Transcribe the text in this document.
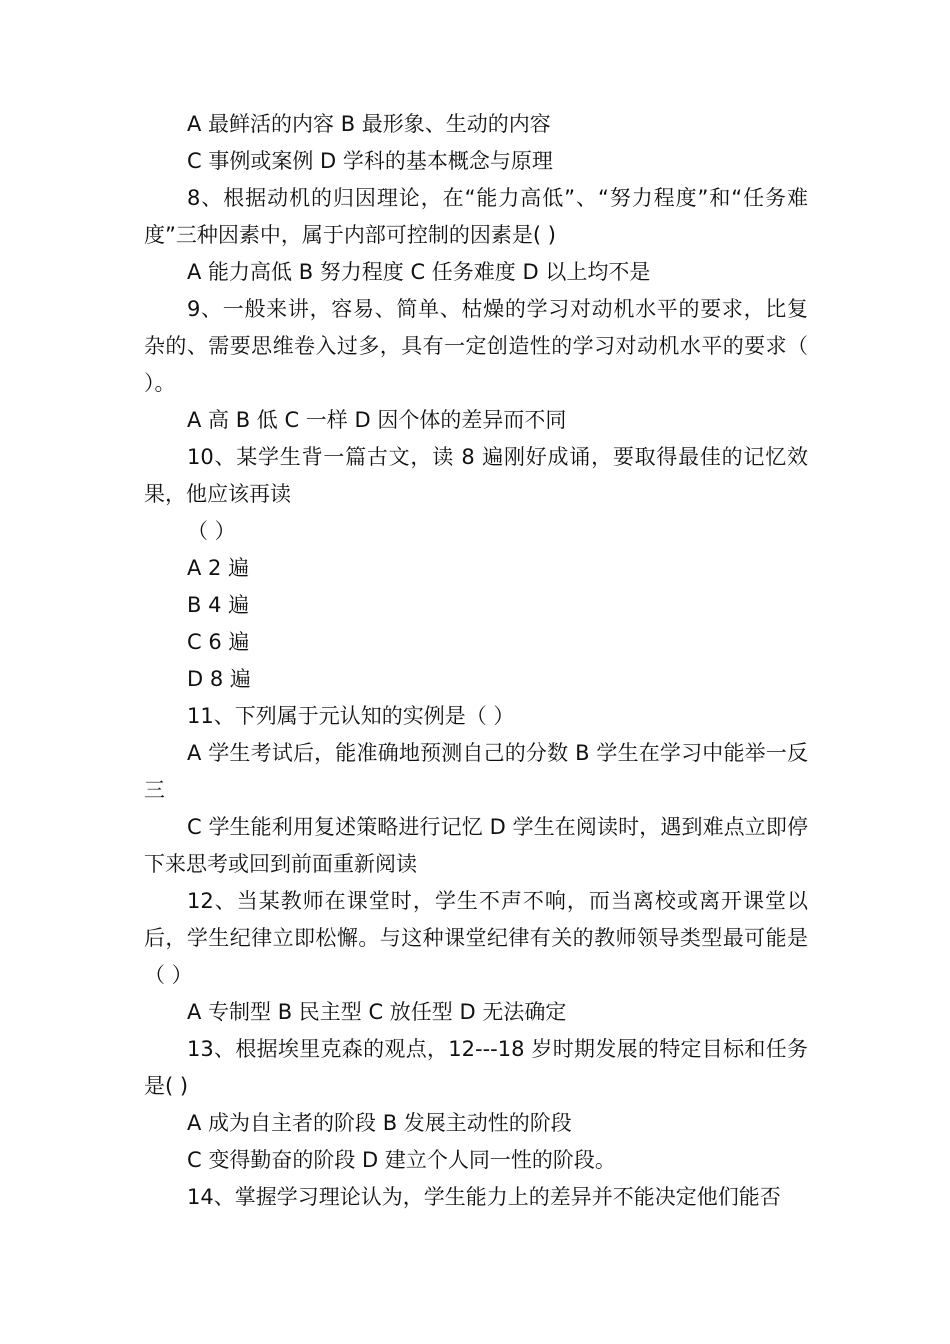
A 最鲜活的内容 B 最形象、生动的内容

C 事例或案例 D 学科的基本概念与原理

8、根据动机的归因理论，在“能力高低”、“努力程度”和“任务难度”三种因素中，属于内部可控制的因素是( )

A 能力高低 B 努力程度 C 任务难度 D 以上均不是

9、一般来讲，容易、简单、枯燥的学习对动机水平的要求，比复杂的、需要思维卷入过多，具有一定创造性的学习对动机水平的要求（ ）。

A 高 B 低 C 一样 D 因个体的差异而不同

10、某学生背一篇古文，读 8 遍刚好成诵，要取得最佳的记忆效果，他应该再读

（ ）

A 2 遍

B 4 遍

C 6 遍

D 8 遍

11、下列属于元认知的实例是（ ）

A 学生考试后，能准确地预测自己的分数 B 学生在学习中能举一反三

C 学生能利用复述策略进行记忆 D 学生在阅读时，遇到难点立即停下来思考或回到前面重新阅读

12、当某教师在课堂时，学生不声不响，而当离校或离开课堂以后，学生纪律立即松懈。与这种课堂纪律有关的教师领导类型最可能是（ ）

A 专制型 B 民主型 C 放任型 D 无法确定

13、根据埃里克森的观点，12---18 岁时期发展的特定目标和任务是( )

A 成为自主者的阶段 B 发展主动性的阶段

C 变得勤奋的阶段 D 建立个人同一性的阶段。

14、掌握学习理论认为，学生能力上的差异并不能决定他们能否
